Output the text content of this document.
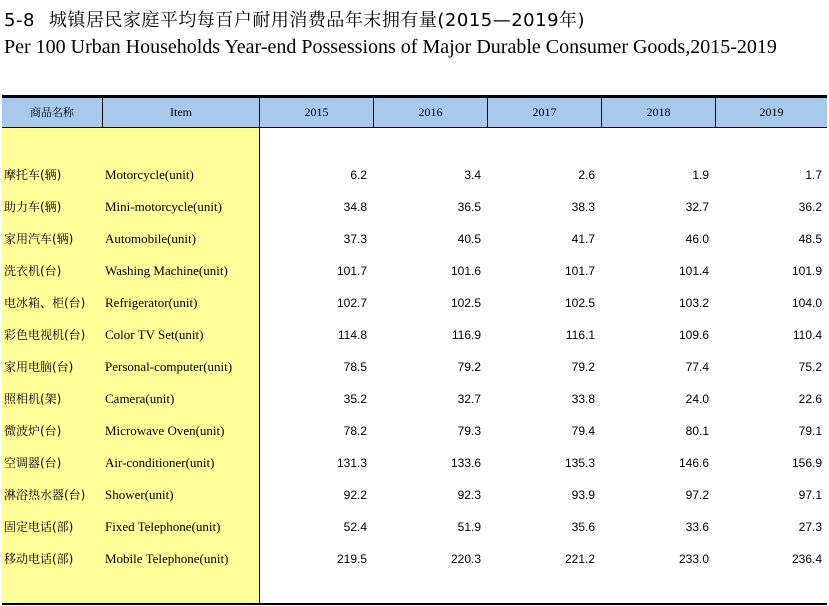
5-8 城镇居民家庭平均每百户耐用消费品年末拥有量(2015—2019年)
Per 100 Urban Households Year-end Possessions of Major Durable Consumer Goods,2015-2019
商品名称	Item	2015	2016	2017	2018	2019
摩托车(辆)	Motorcycle(unit)	6.2	3.4	2.6	1.9	1.7
助力车(辆)	Mini-motorcycle(unit)	34.8	36.5	38.3	32.7	36.2
家用汽车(辆) Automobile(unit)	37.3	40.5	41.7	46.0	48.5
洗衣机(台)	Washing Machine(unit)	101.7	101.6	101.7	101.4	101.9
电冰箱、柜(台) Refrigerator(unit)	102.7	102.5	102.5	103.2	104.0
彩色电视机(台) Color TV Set(unit)	114.8	116.9	116.1	109.6	110.4
家用电脑(台) Personal-computer(unit)	78.5	79.2	79.2	77.4	75.2
照相机(架)	Camera(unit)	35.2	32.7	33.8	24.0	22.6
微波炉(台)	Microwave Oven(unit)	78.2	79.3	79.4	80.1	79.1
空调器(台)	Air-conditioner(unit)	131.3	133.6	135.3	146.6	156.9
淋浴热水器(台) Shower(unit)	92.2	92.3	93.9	97.2	97.1
固定电话(部) Fixed Telephone(unit)	52.4	51.9	35.6	33.6	27.3
移动电话(部) Mobile Telephone(unit)	219.5	220.3	221.2	233.0	236.4
